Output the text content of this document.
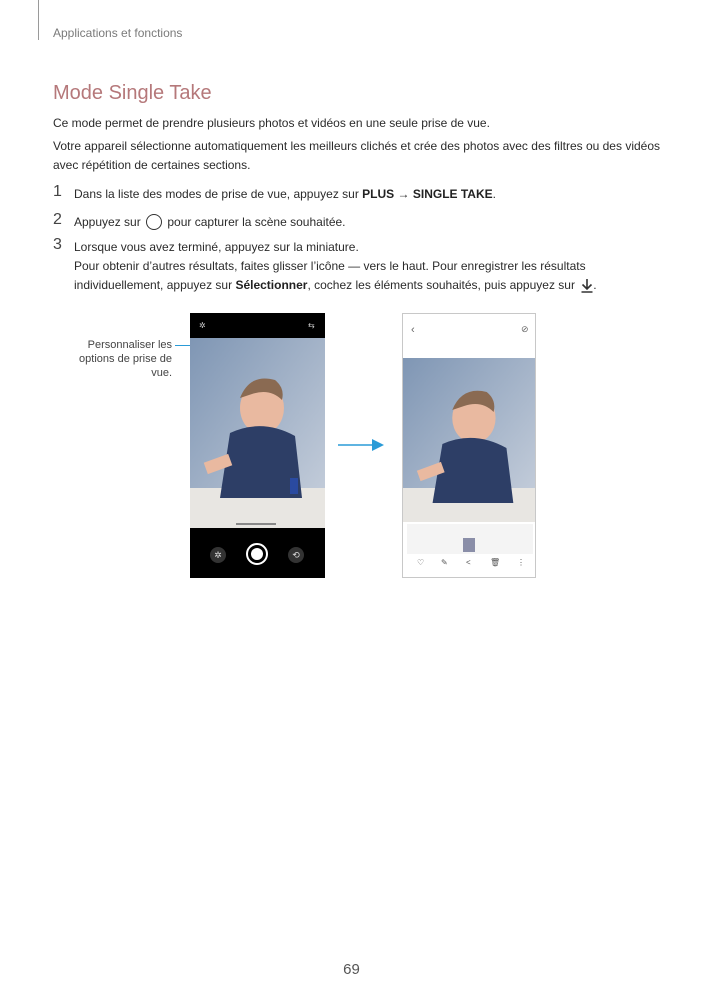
Applications et fonctions
Mode Single Take

Ce mode permet de prendre plusieurs photos et vidéos en une seule prise de vue.

Votre appareil sélectionne automatiquement les meilleurs clichés et crée des photos avec des filtres ou des vidéos avec répétition de certaines sections.

1 Dans la liste des modes de prise de vue, appuyez sur PLUS → SINGLE TAKE.
2 Appuyez sur  pour capturer la scène souhaitée.
3 Lorsque vous avez terminé, appuyez sur la miniature.
Pour obtenir d’autres résultats, faites glisser l’icône — vers le haut. Pour enregistrer les résultats individuellement, appuyez sur Sélectionner, cochez les éléments souhaités, puis appuyez sur .
Personnaliser les options de prise de vue.
✲	⇆
✲	⟲
‹	⊘
♡ ✎ < 🗑 ⋮
69
